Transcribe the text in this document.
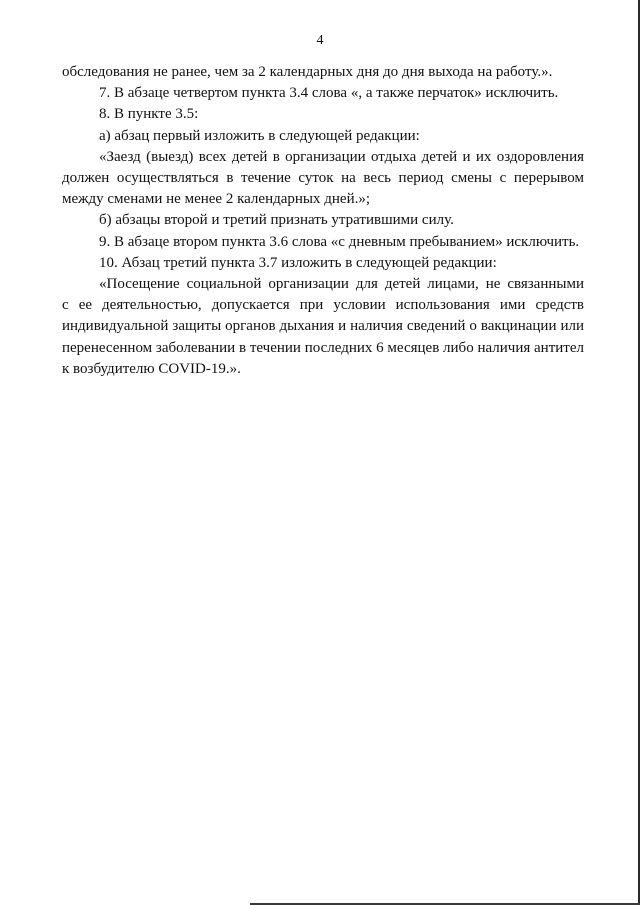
4
обследования не ранее, чем за 2 календарных дня до дня выхода на работу.».
7. В абзаце четвертом пункта 3.4 слова «, а также перчаток» исключить.
8. В пункте 3.5:
а) абзац первый изложить в следующей редакции:
«Заезд (выезд) всех детей в организации отдыха детей и их оздоровления
должен осуществляться в течение суток на весь период смены с перерывом
между сменами не менее 2 календарных дней.»;
б) абзацы второй и третий признать утратившими силу.
9. В абзаце втором пункта 3.6 слова «с дневным пребыванием» исключить.
10. Абзац третий пункта 3.7 изложить в следующей редакции:
«Посещение социальной организации для детей лицами, не связанными
с ее деятельностью, допускается при условии использования ими средств
индивидуальной защиты органов дыхания и наличия сведений о вакцинации или
перенесенном заболевании в течении последних 6 месяцев либо наличия антител
к возбудителю COVID-19.».
